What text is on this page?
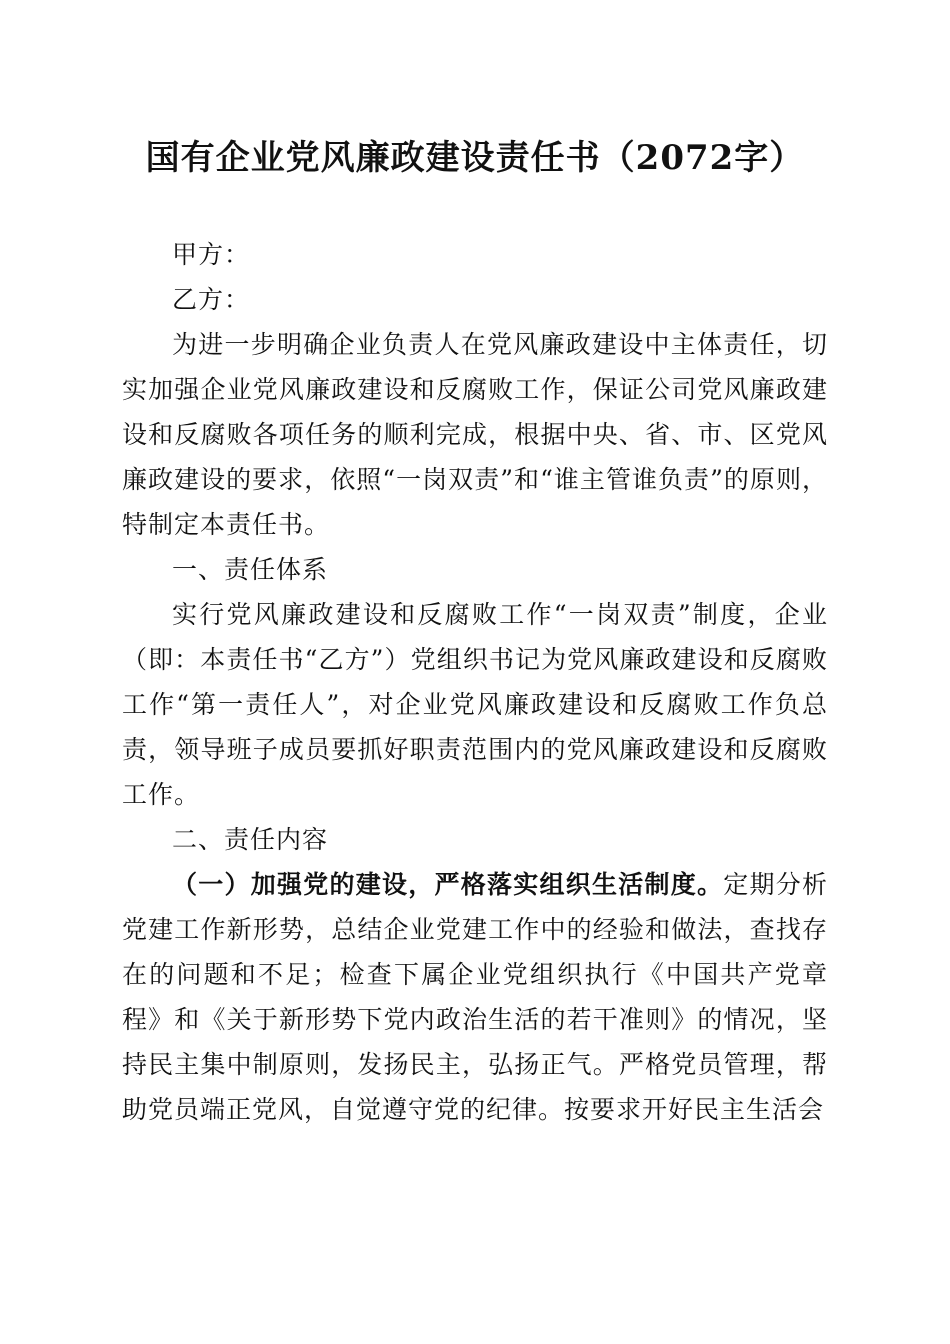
国有企业党风廉政建设责任书（2072字）

甲方：

乙方：

为进一步明确企业负责人在党风廉政建设中主体责任，切实加强企业党风廉政建设和反腐败工作，保证公司党风廉政建设和反腐败各项任务的顺利完成，根据中央、省、市、区党风廉政建设的要求，依照“一岗双责”和“谁主管谁负责”的原则，特制定本责任书。

一、责任体系

实行党风廉政建设和反腐败工作“一岗双责”制度，企业（即：本责任书“乙方”）党组织书记为党风廉政建设和反腐败工作“第一责任人”，对企业党风廉政建设和反腐败工作负总责，领导班子成员要抓好职责范围内的党风廉政建设和反腐败工作。

二、责任内容

（一）加强党的建设，严格落实组织生活制度。定期分析党建工作新形势，总结企业党建工作中的经验和做法，查找存在的问题和不足；检查下属企业党组织执行《中国共产党章程》和《关于新形势下党内政治生活的若干准则》的情况，坚持民主集中制原则，发扬民主，弘扬正气。严格党员管理，帮助党员端正党风，自觉遵守党的纪律。按要求开好民主生活会
